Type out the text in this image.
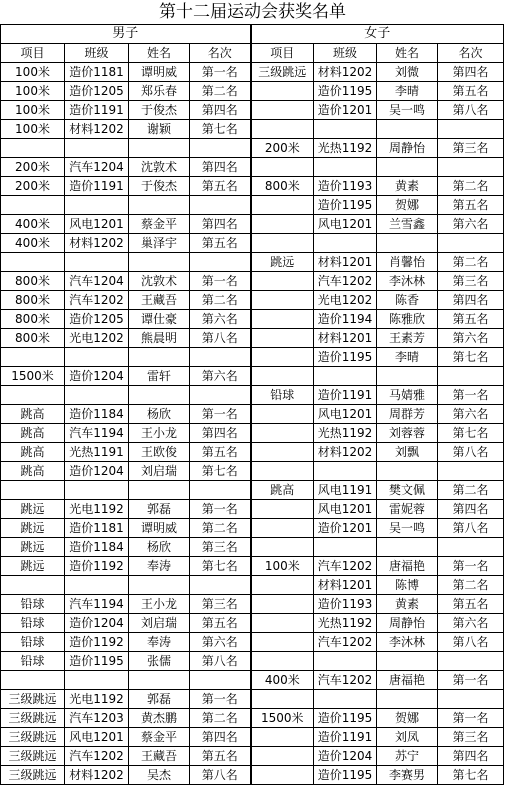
第十二届运动会获奖名单
男子				女子			
项目	班级	姓名	名次	项目	班级	姓名	名次
100米	造价1181	谭明威	第一名	三级跳远	材料1202	刘微	第四名
100米	造价1205	郑乐春	第二名		造价1195	李晴	第五名
100米	造价1191	于俊杰	第四名		造价1201	吴一鸣	第八名
100米	材料1202	谢颖	第七名				
				200米	光热1192	周静怡	第三名
200米	汽车1204	沈敦术	第四名				
200米	造价1191	于俊杰	第五名	800米	造价1193	黄素	第二名
					造价1195	贺娜	第五名
400米	风电1201	蔡金平	第四名		风电1201	兰雪鑫	第六名
400米	材料1202	巢泽宇	第五名				
				跳远	材料1201	肖馨怡	第二名
800米	汽车1204	沈敦术	第一名		汽车1202	李沐林	第三名
800米	汽车1202	王藏吾	第二名		光电1202	陈香	第四名
800米	造价1205	谭仕豪	第六名		造价1194	陈雅欣	第五名
800米	光电1202	熊晨明	第八名		材料1201	王素芳	第六名
					造价1195	李晴	第七名
1500米	造价1204	雷轩	第六名				
				铅球	造价1191	马婧雅	第一名
跳高	造价1184	杨欣	第一名		风电1201	周群芳	第六名
跳高	汽车1194	王小龙	第四名		光热1192	刘蓉蓉	第七名
跳高	光热1191	王欧俊	第五名		材料1202	刘飘	第八名
跳高	造价1204	刘启瑞	第七名				
				跳高	风电1191	樊文佩	第二名
跳远	光电1192	郭磊	第一名		风电1201	雷妮蓉	第四名
跳远	造价1181	谭明威	第二名		造价1201	吴一鸣	第八名
跳远	造价1184	杨欣	第三名				
跳远	造价1192	奉涛	第七名	100米	汽车1202	唐福艳	第一名
					材料1201	陈博	第二名
铅球	汽车1194	王小龙	第三名		造价1193	黄素	第五名
铅球	造价1204	刘启瑞	第五名		光热1192	周静怡	第六名
铅球	造价1192	奉涛	第六名		汽车1202	李沐林	第八名
铅球	造价1195	张儒	第八名				
				400米	汽车1202	唐福艳	第一名
三级跳远	光电1192	郭磊	第一名				
三级跳远	汽车1203	黄杰鹏	第二名	1500米	造价1195	贺娜	第一名
三级跳远	风电1201	蔡金平	第四名		造价1191	刘凤	第三名
三级跳远	汽车1202	王藏吾	第五名		造价1204	苏宁	第四名
三级跳远	材料1202	吴杰	第八名		造价1195	李赛男	第七名
